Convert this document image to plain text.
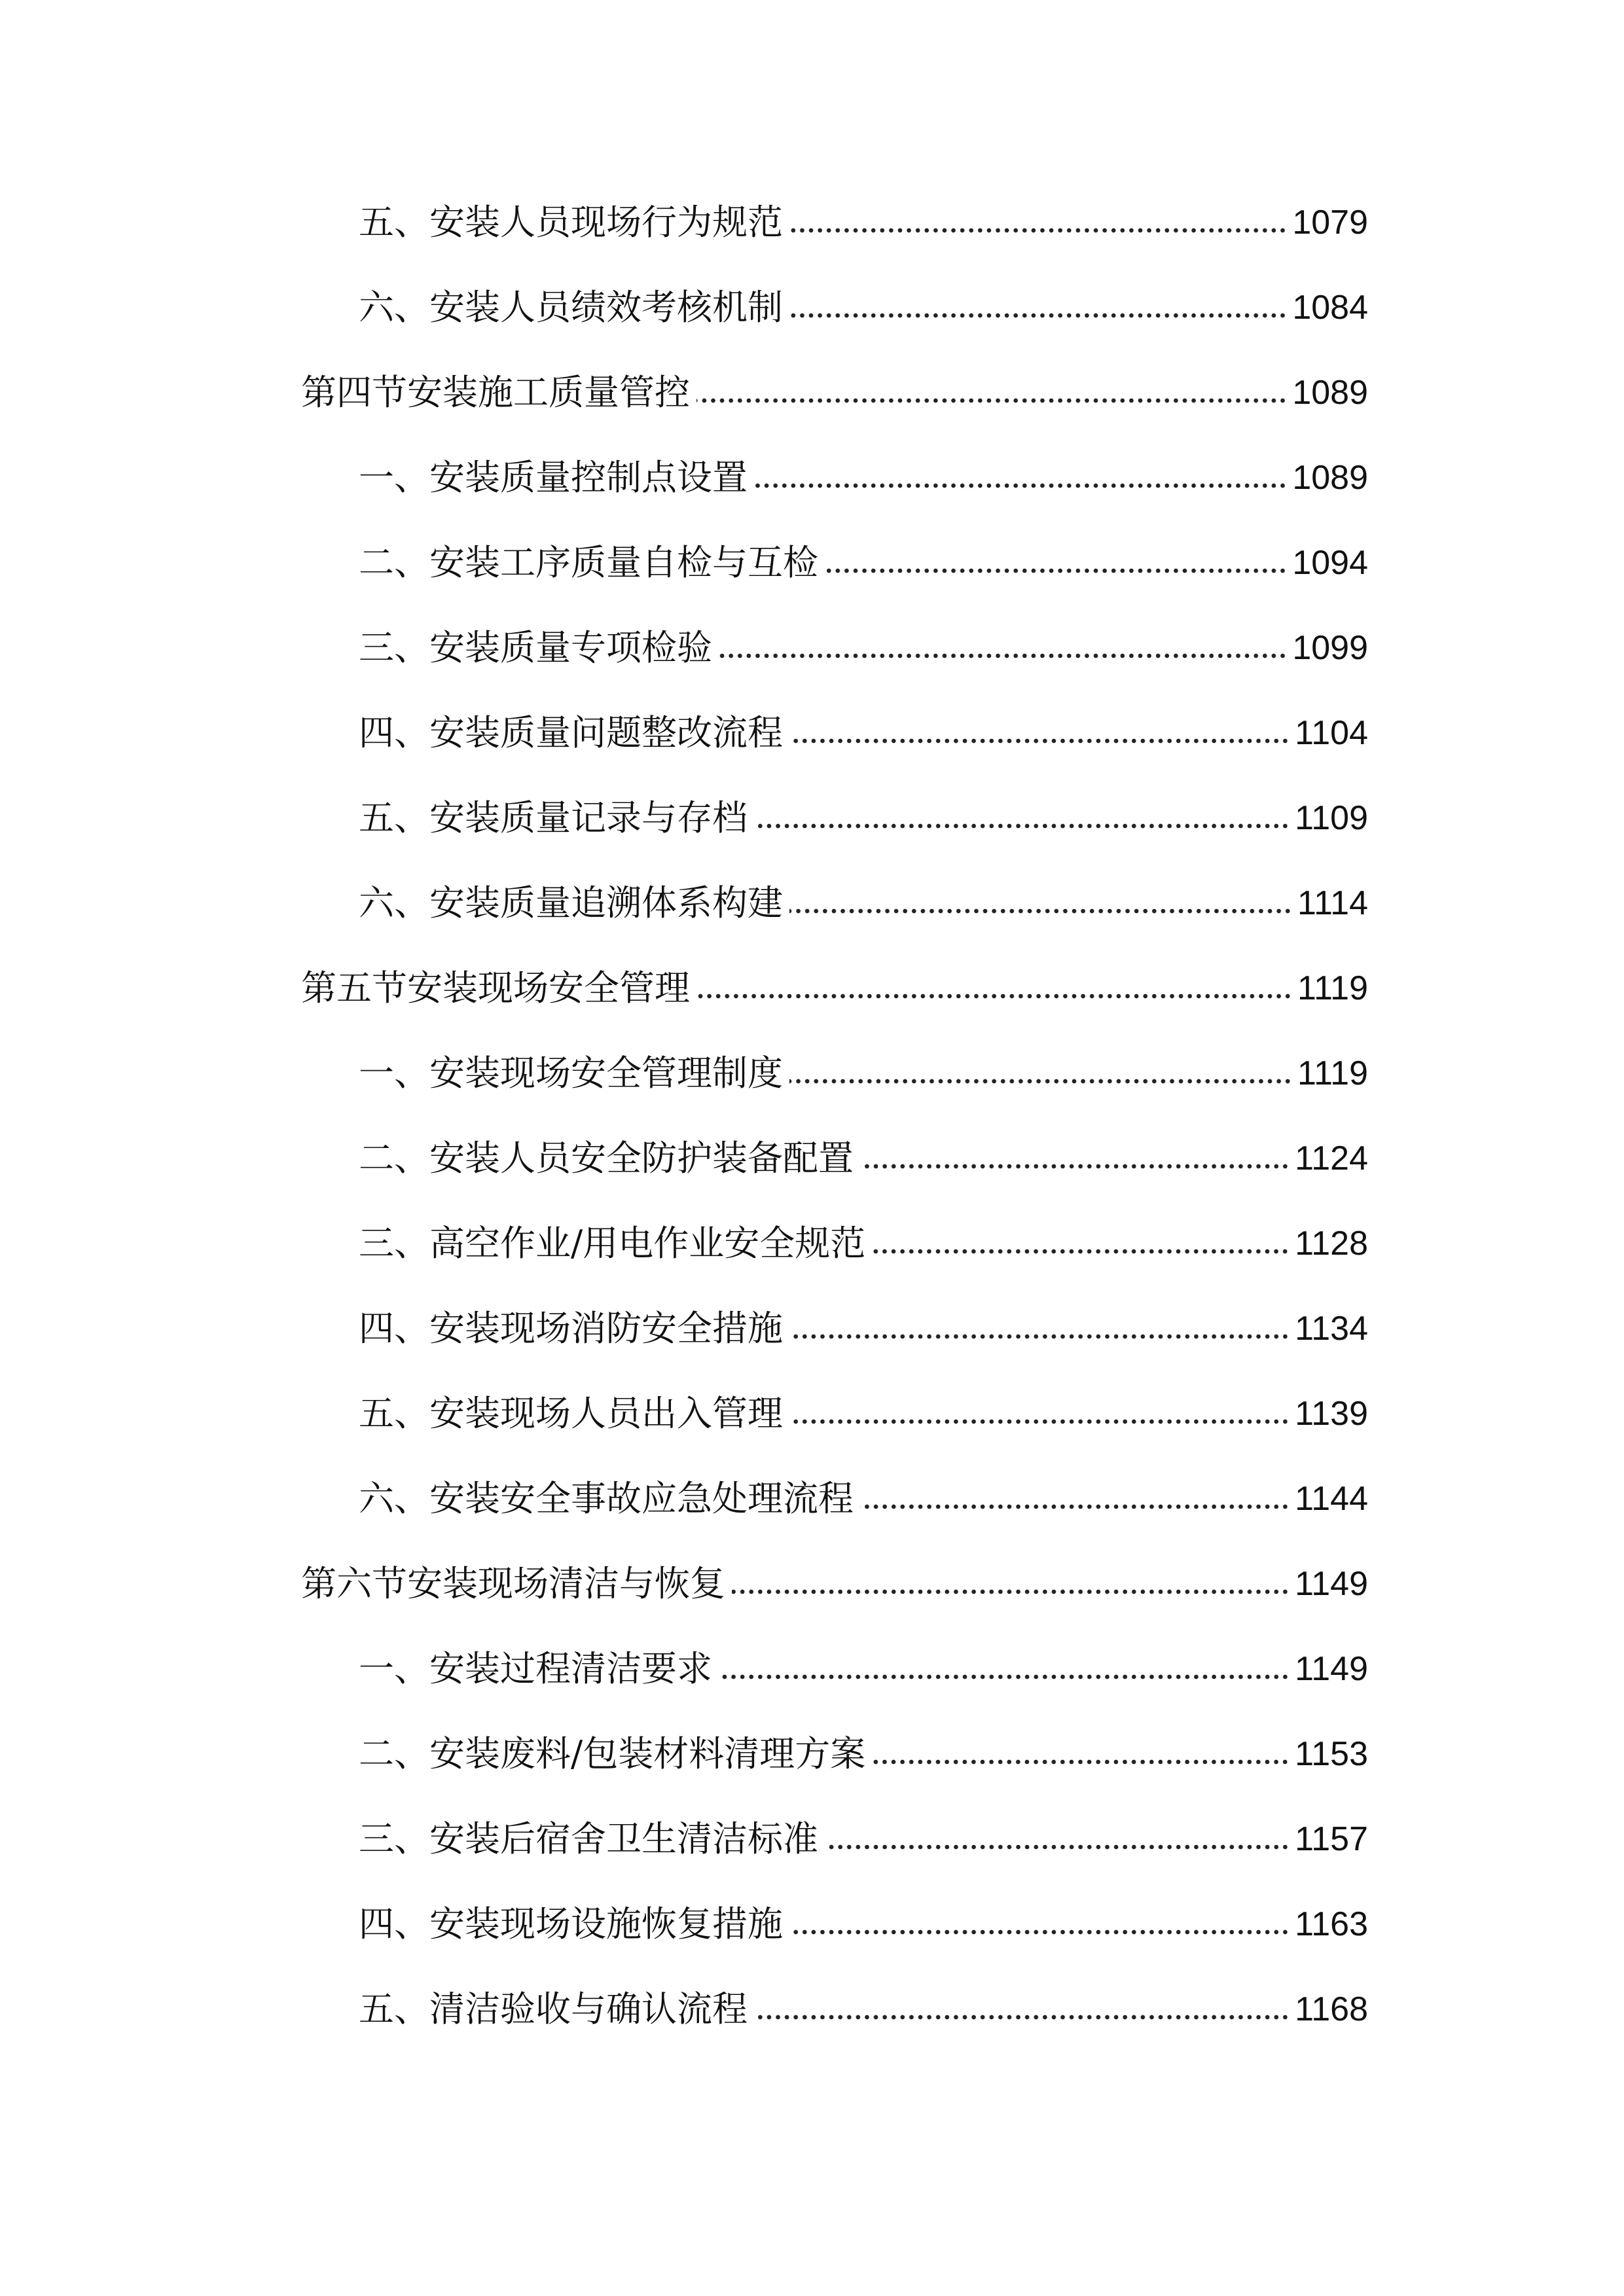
五、安装人员现场行为规范	1079
六、安装人员绩效考核机制	1084
第四节安装施工质量管控	1089
一、安装质量控制点设置	1089
二、安装工序质量自检与互检	1094
三、安装质量专项检验	1099
四、安装质量问题整改流程	1104
五、安装质量记录与存档	1109
六、安装质量追溯体系构建	1114
第五节安装现场安全管理	1119
一、安装现场安全管理制度	1119
二、安装人员安全防护装备配置	1124
三、高空作业/用电作业安全规范	1128
四、安装现场消防安全措施	1134
五、安装现场人员出入管理	1139
六、安装安全事故应急处理流程	1144
第六节安装现场清洁与恢复	1149
一、安装过程清洁要求	1149
二、安装废料/包装材料清理方案	1153
三、安装后宿舍卫生清洁标准	1157
四、安装现场设施恢复措施	1163
五、清洁验收与确认流程	1168
